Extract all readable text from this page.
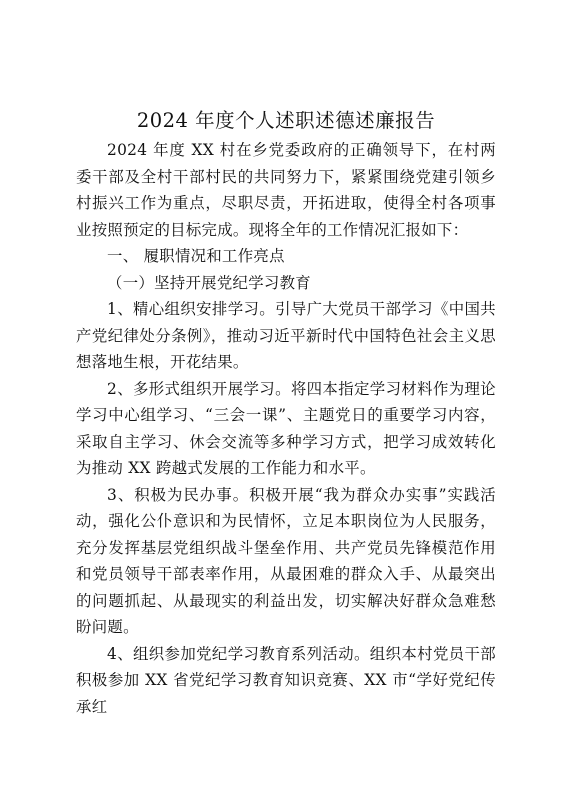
2024 年度个人述职述德述廉报告

2024 年度 XX 村在乡党委政府的正确领导下，在村两委干部及全村干部村民的共同努力下，紧紧围绕党建引领乡村振兴工作为重点，尽职尽责，开拓进取，使得全村各项事业按照预定的目标完成。现将全年的工作情况汇报如下：

一、 履职情况和工作亮点

（一）坚持开展党纪学习教育

1、精心组织安排学习。引导广大党员干部学习《中国共产党纪律处分条例》，推动习近平新时代中国特色社会主义思想落地生根，开花结果。

2、多形式组织开展学习。将四本指定学习材料作为理论学习中心组学习、“三会一课”、主题党日的重要学习内容，采取自主学习、休会交流等多种学习方式，把学习成效转化为推动 XX 跨越式发展的工作能力和水平。

3、积极为民办事。积极开展“我为群众办实事”实践活动，强化公仆意识和为民情怀，立足本职岗位为人民服务，充分发挥基层党组织战斗堡垒作用、共产党员先锋模范作用和党员领导干部表率作用，从最困难的群众入手、从最突出的问题抓起、从最现实的利益出发，切实解决好群众急难愁盼问题。

4、组织参加党纪学习教育系列活动。组织本村党员干部积极参加 XX 省党纪学习教育知识竞赛、XX 市“学好党纪传承红
